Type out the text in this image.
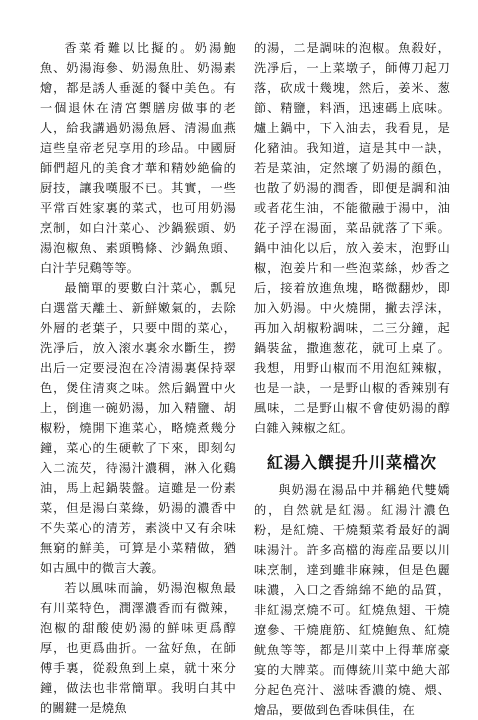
香菜肴難以比擬的。奶湯鮑魚、奶湯海參、奶湯魚肚、奶湯素燴，都是誘人垂涎的餐中美色。有一個退休在清宮禦膳房做事的老人，給我講過奶湯魚唇、清湯血燕這些皇帝老兒享用的珍品。中國厨師們超凡的美食才華和精妙絶倫的厨技，讓我嘆服不已。其實，一些平常百姓家裏的菜式，也可用奶湯烹制，如白汁菜心、沙鍋猴頭、奶湯泡椒魚、素頭鴨條、沙鍋魚頭、白汁芋兒鷄等等。

最簡單的要數白汁菜心，瓢兒白選當天離土、新鮮嫩氣的，去除外層的老葉子，只要中間的菜心，洗凈后，放入滚水裏氽水斷生，撈出后一定要浸泡在冷清湯裏保持翠色，煲住清爽之味。然后鍋置中火上，倒進一碗奶湯，加入精鹽、胡椒粉，燒開下進菜心，略燒煮幾分鐘，菜心的生硬軟了下來，即刻勾入二流芡，待湯汁濃稠，淋入化鷄油，馬上起鍋裝盤。這雖是一份素菜，但是湯白菜綠，奶湯的濃香中不失菜心的清芳，素淡中又有余味無窮的鮮美，可算是小菜精做，猶如古風中的微言大義。

若以風味而論，奶湯泡椒魚最有川菜特色，潤澤濃香而有微辣，泡椒的甜酸使奶湯的鮮味更爲醇厚，也更爲曲折。一盆好魚，在師傅手裏，從殺魚到上桌，就十來分鐘，做法也非常簡單。我明白其中的關鍵一是燒魚

的湯，二是調味的泡椒。魚殺好，洗凈后，一上菜墩子，師傅刀起刀落，砍成十幾塊，然后，姜米、葱節、精鹽，料酒，迅速碼上底味。爐上鍋中，下入油去，我看見，是化豬油。我知道，這是其中一訣，若是菜油，定然壞了奶湯的顔色，也散了奶湯的潤香，即便是調和油或者花生油，不能徹融于湯中，油花子浮在湯面，菜品就落了下乘。鍋中油化以后，放入姜末，泡野山椒，泡姜片和一些泡菜絲，炒香之后，接着放進魚塊，略微翻炒，即加入奶湯。中火燒開，撇去浮沫，再加入胡椒粉調味，二三分鐘，起鍋裝盆，撒進葱花，就可上桌了。我想，用野山椒而不用泡紅辣椒，也是一訣，一是野山椒的香辣别有風味，二是野山椒不會使奶湯的醇白雜入辣椒之紅。

紅湯入饌提升川菜檔次

與奶湯在湯品中并稱絶代雙嬌的，自然就是紅湯。紅湯汁濃色粉，是紅燒、干燒類菜肴最好的調味湯汁。許多高檔的海産品要以川味烹制，達到雖非麻辣，但是色麗味濃，入口之香綿綿不絶的品質，非紅湯烹燒不可。紅燒魚翅、干燒遼參、干燒鹿筋、紅燒鮑魚、紅燒鱿魚等等，都是川菜中上得華席豪宴的大牌菜。而傳統川菜中絶大部分起色亮汁、滋味香濃的燒、煨、燴品，要做到色香味俱佳，在
